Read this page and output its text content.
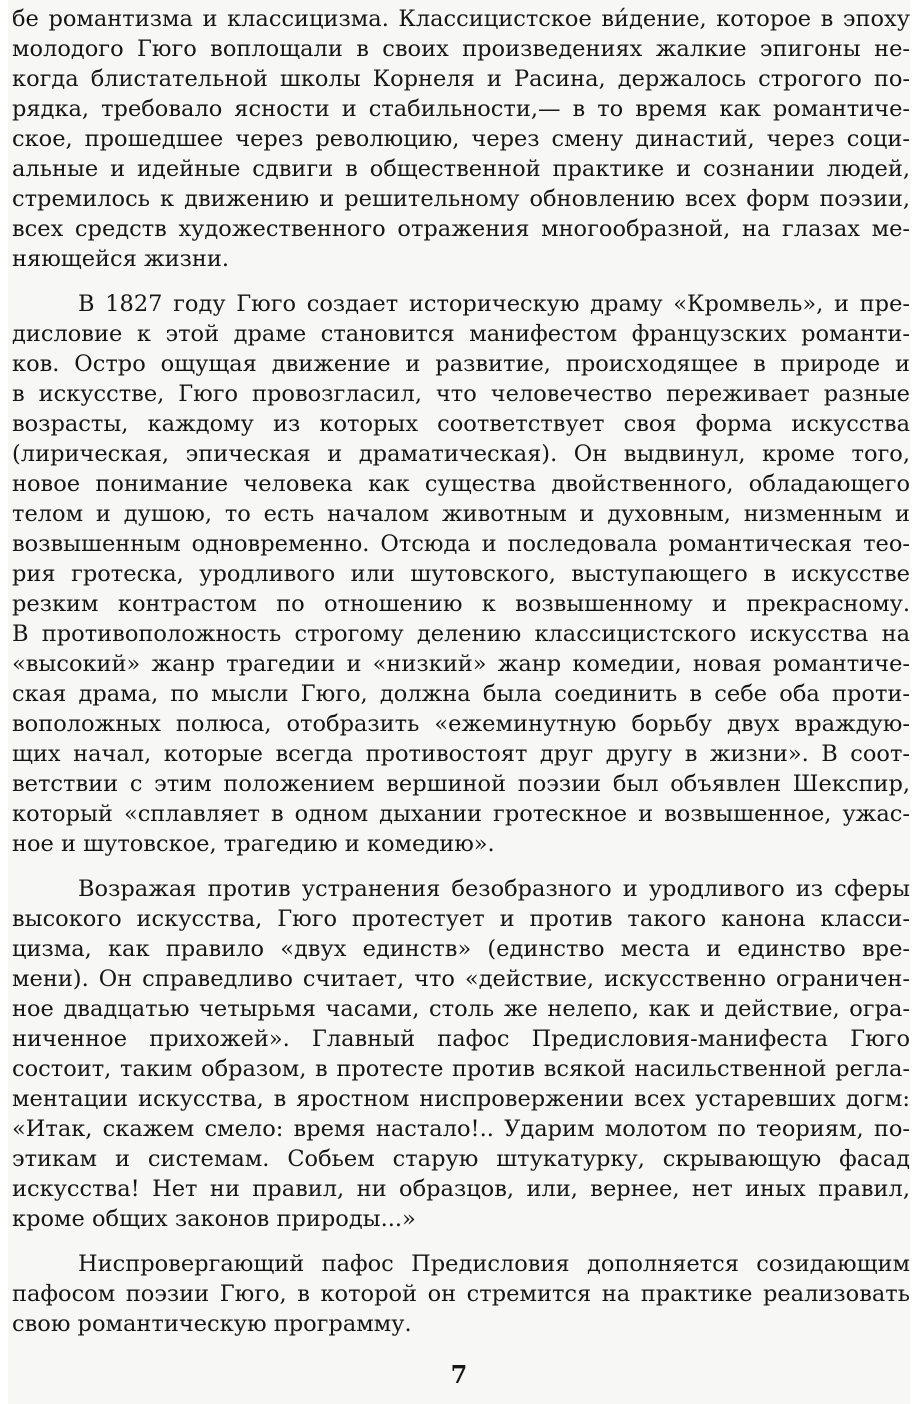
бе романтизма и классицизма. Классицистское ви́дение, которое в эпоху
молодого Гюго воплощали в своих произведениях жалкие эпигоны не-
когда блистательной школы Корнеля и Расина, держалось строгого по-
рядка, требовало ясности и стабильности,— в то время как романтиче-
ское, прошедшее через революцию, через смену династий, через соци-
альные и идейные сдвиги в общественной практике и сознании людей,
стремилось к движению и решительному обновлению всех форм поэзии,
всех средств художественного отражения многообразной, на глазах ме-
няющейся жизни.
В 1827 году Гюго создает историческую драму «Кромвель», и пре-
дисловие к этой драме становится манифестом французских романти-
ков. Остро ощущая движение и развитие, происходящее в природе и
в искусстве, Гюго провозгласил, что человечество переживает разные
возрасты, каждому из которых соответствует своя форма искусства
(лирическая, эпическая и драматическая). Он выдвинул, кроме того,
новое понимание человека как существа двойственного, обладающего
телом и душою, то есть началом животным и духовным, низменным и
возвышенным одновременно. Отсюда и последовала романтическая тео-
рия гротеска, уродливого или шутовского, выступающего в искусстве
резким контрастом по отношению к возвышенному и прекрасному.
В противоположность строгому делению классицистского искусства на
«высокий» жанр трагедии и «низкий» жанр комедии, новая романтиче-
ская драма, по мысли Гюго, должна была соединить в себе оба проти-
воположных полюса, отобразить «ежеминутную борьбу двух враждую-
щих начал, которые всегда противостоят друг другу в жизни». В соот-
ветствии с этим положением вершиной поэзии был объявлен Шекспир,
который «сплавляет в одном дыхании гротескное и возвышенное, ужас-
ное и шутовское, трагедию и комедию».
Возражая против устранения безобразного и уродливого из сферы
высокого искусства, Гюго протестует и против такого канона класси-
цизма, как правило «двух единств» (единство места и единство вре-
мени). Он справедливо считает, что «действие, искусственно ограничен-
ное двадцатью четырьмя часами, столь же нелепо, как и действие, огра-
ниченное прихожей». Главный пафос Предисловия-манифеста Гюго
состоит, таким образом, в протесте против всякой насильственной регла-
ментации искусства, в яростном ниспровержении всех устаревших догм:
«Итак, скажем смело: время настало!.. Ударим молотом по теориям, по-
этикам и системам. Собьем старую штукатурку, скрывающую фасад
искусства! Нет ни правил, ни образцов, или, вернее, нет иных правил,
кроме общих законов природы...»
Ниспровергающий пафос Предисловия дополняется созидающим
пафосом поэзии Гюго, в которой он стремится на практике реализовать
свою романтическую программу.
7
